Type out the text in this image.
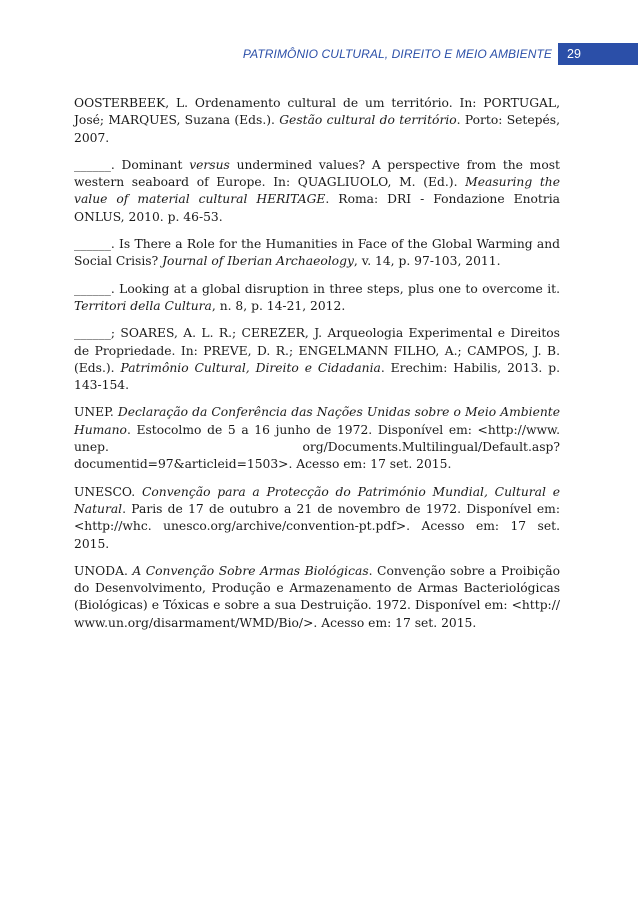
PATRIMÔNIO CULTURAL, DIREITO E MEIO AMBIENTE	29

OOSTERBEEK, L. Ordenamento cultural de um território. In: PORTUGAL, José; MARQUES, Suzana (Eds.). Gestão cultural do território. Porto: Setepés, 2007.

______. Dominant versus undermined values? A perspective from the most western seaboard of Europe. In: QUAGLIUOLO, M. (Ed.). Measuring the value of material cultural HERITAGE. Roma: DRI - Fondazione Enotria ONLUS, 2010. p. 46-53.

______. Is There a Role for the Humanities in Face of the Global Warming and Social Crisis? Journal of Iberian Archaeology, v. 14, p. 97-103, 2011.

______. Looking at a global disruption in three steps, plus one to overcome it. Territori della Cultura, n. 8, p. 14-21, 2012.

______; SOARES, A. L. R.; CEREZER, J. Arqueologia Experimental e Direitos de Propriedade. In: PREVE, D. R.; ENGELMANN FILHO, A.; CAMPOS, J. B. (Eds.). Patrimônio Cultural, Direito e Cidadania. Erechim: Habilis, 2013. p. 143-154.

UNEP. Declaração da Conferência das Nações Unidas sobre o Meio Ambiente Humano. Estocolmo de 5 a 16 junho de 1972. Disponível em: <http://www. unep. org/Documents.Multilingual/Default.asp?documentid=97&articleid=1503>. Acesso em: 17 set. 2015.

UNESCO. Convenção para a Protecção do Património Mundial, Cultural e Natural. Paris de 17 de outubro a 21 de novembro de 1972. Disponível em: <http://whc. unesco.org/archive/convention-pt.pdf>. Acesso em: 17 set. 2015.

UNODA. A Convenção Sobre Armas Biológicas. Convenção sobre a Proibição do Desenvolvimento, Produção e Armazenamento de Armas Bacteriológicas (Biológicas) e Tóxicas e sobre a sua Destruição. 1972. Disponível em: <http:// www.un.org/disarmament/WMD/Bio/>. Acesso em: 17 set. 2015.
